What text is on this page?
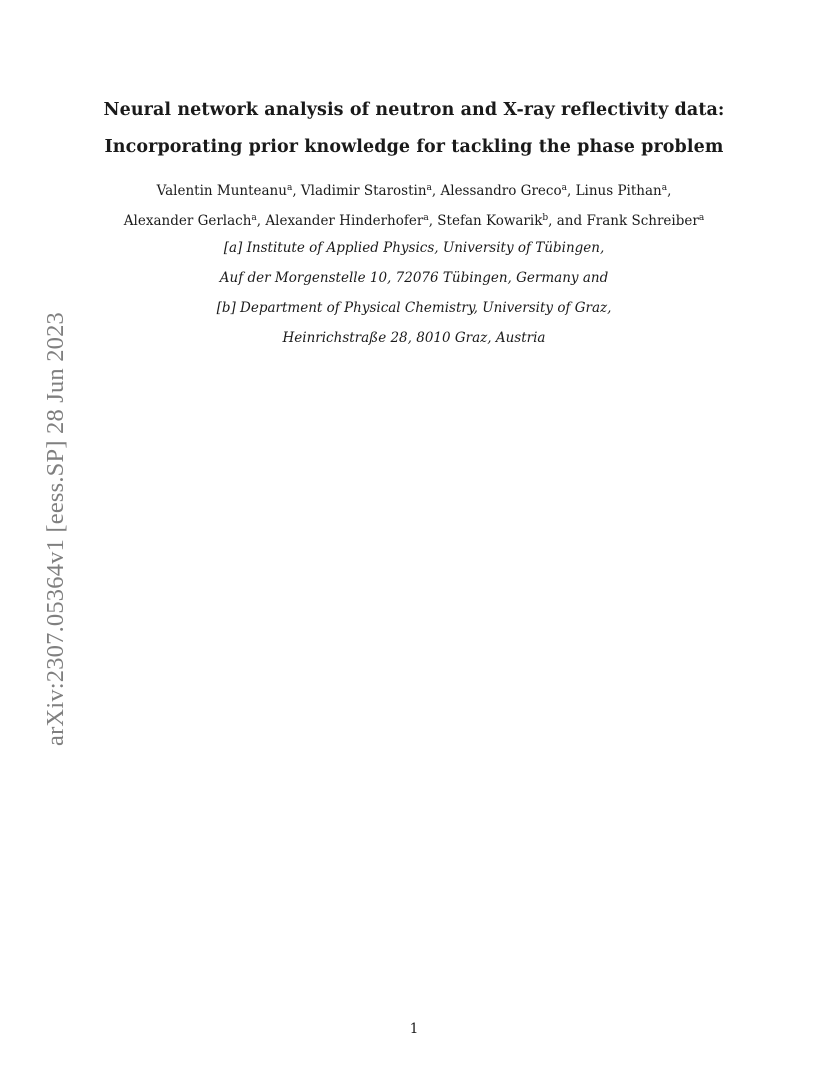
arXiv:2307.05364v1 [eess.SP] 28 Jun 2023
Neural network analysis of neutron and X-ray reflectivity data:
Incorporating prior knowledge for tackling the phase problem
Valentin Munteanu$^a$, Vladimir Starostin$^a$, Alessandro Greco$^a$, Linus Pithan$^a$,
Alexander Gerlach$^a$, Alexander Hinderhofer$^a$, Stefan Kowarik$^b$, and Frank Schreiber$^a$
[a] Institute of Applied Physics, University of Tübingen,
Auf der Morgenstelle 10, 72076 Tübingen, Germany and
[b] Department of Physical Chemistry, University of Graz,
Heinrichstraße 28, 8010 Graz, Austria
1
